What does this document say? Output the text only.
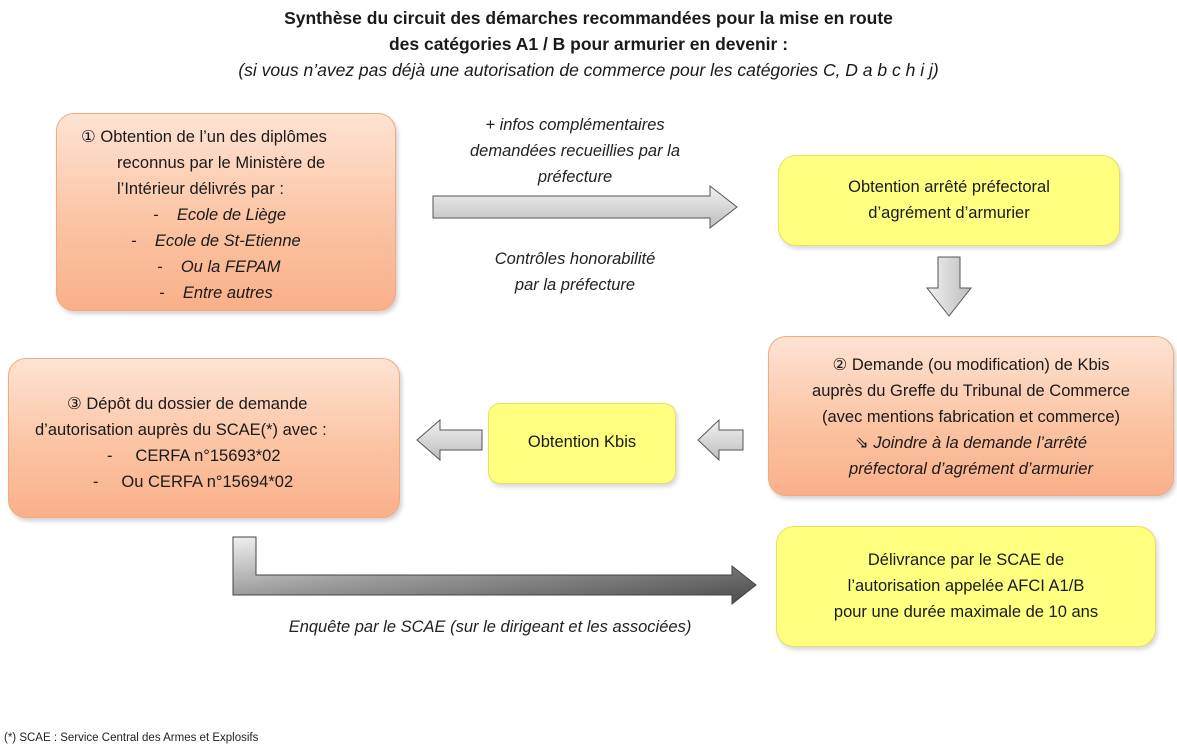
Synthèse du circuit des démarches recommandées pour la mise en route
des catégories A1 / B pour armurier en devenir :
(si vous n’avez pas déjà une autorisation de commerce pour les catégories C, D a b c h i j)
① Obtention de l’un des diplômes
reconnus par le Ministère de
l’Intérieur délivrés par :
-    Ecole de Liège
-    Ecole de St-Etienne
-    Ou la FEPAM
-    Entre autres
+ infos complémentaires
demandées recueillies par la
préfecture
Contrôles honorabilité
par la préfecture
Obtention arrêté préfectoral
d’agrément d’armurier
② Demande (ou modification) de Kbis
auprès du Greffe du Tribunal de Commerce
(avec mentions fabrication et commerce)
⇘ Joindre à la demande l’arrêté
préfectoral d’agrément d’armurier
Obtention Kbis
③ Dépôt du dossier de demande
d’autorisation auprès du SCAE(*) avec :
-     CERFA n°15693*02
-     Ou CERFA n°15694*02
Enquête par le SCAE (sur le dirigeant et les associées)
Délivrance par le SCAE de
l’autorisation appelée AFCI A1/B
pour une durée maximale de 10 ans
(*) SCAE : Service Central des Armes et Explosifs
